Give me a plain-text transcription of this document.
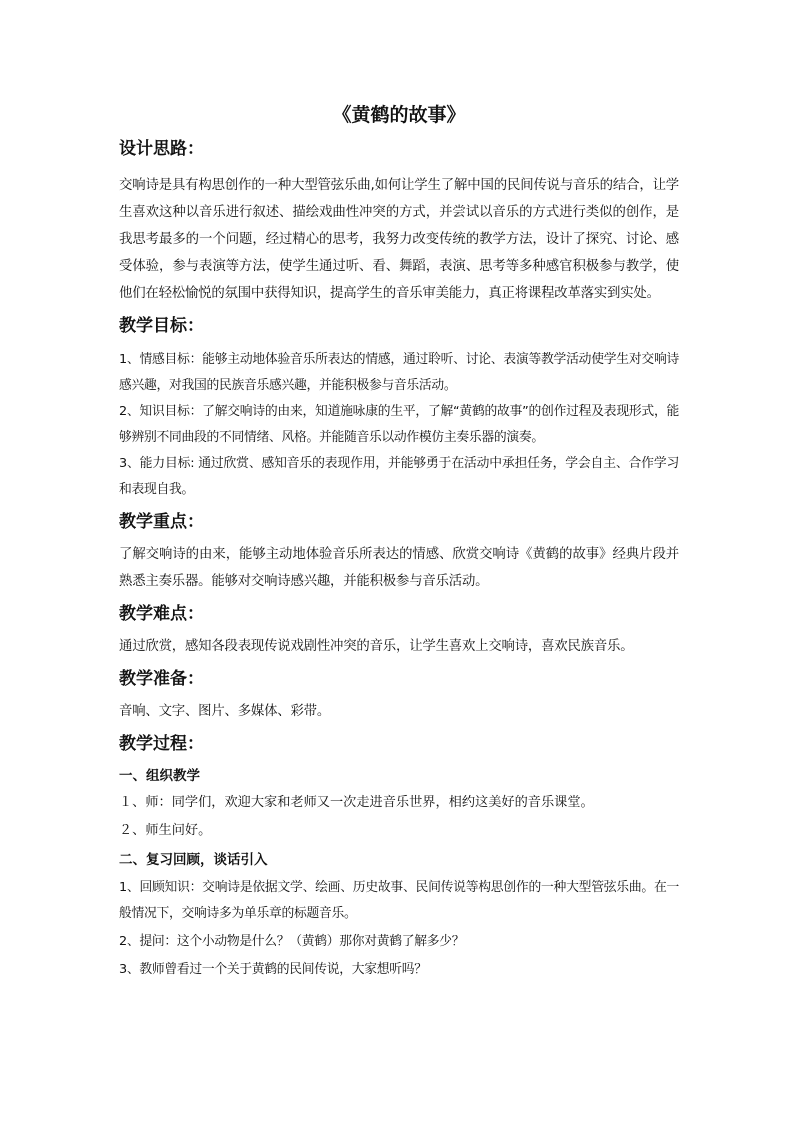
《黄鹤的故事》
设计思路：

交响诗是具有构思创作的一种大型管弦乐曲,如何让学生了解中国的民间传说与音乐的结合，让学生喜欢这种以音乐进行叙述、描绘戏曲性冲突的方式，并尝试以音乐的方式进行类似的创作，是我思考最多的一个问题，经过精心的思考，我努力改变传统的教学方法，设计了探究、讨论、感受体验，参与表演等方法，使学生通过听、看、舞蹈，表演、思考等多种感官积极参与教学，使他们在轻松愉悦的氛围中获得知识，提高学生的音乐审美能力，真正将课程改革落实到实处。

教学目标：

1、情感目标：能够主动地体验音乐所表达的情感，通过聆听、讨论、表演等教学活动使学生对交响诗感兴趣，对我国的民族音乐感兴趣，并能积极参与音乐活动。

2、知识目标：了解交响诗的由来，知道施咏康的生平，了解“黄鹤的故事”的创作过程及表现形式，能够辨别不同曲段的不同情绪、风格。并能随音乐以动作模仿主奏乐器的演奏。

3、能力目标: 通过欣赏、感知音乐的表现作用，并能够勇于在活动中承担任务，学会自主、合作学习和表现自我。

教学重点：

了解交响诗的由来，能够主动地体验音乐所表达的情感、欣赏交响诗《黄鹤的故事》经典片段并熟悉主奏乐器。能够对交响诗感兴趣，并能积极参与音乐活动。

教学难点：

通过欣赏，感知各段表现传说戏剧性冲突的音乐，让学生喜欢上交响诗，喜欢民族音乐。

教学准备：

音响、文字、图片、多媒体、彩带。

教学过程：
一、组织教学

１、师：同学们，欢迎大家和老师又一次走进音乐世界，相约这美好的音乐课堂。

２、师生问好。

二、复习回顾，谈话引入

1、回顾知识：交响诗是依据文学、绘画、历史故事、民间传说等构思创作的一种大型管弦乐曲。在一般情况下，交响诗多为单乐章的标题音乐。

2、提问：这个小动物是什么？（黄鹤）那你对黄鹤了解多少？

3、教师曾看过一个关于黄鹤的民间传说，大家想听吗？
